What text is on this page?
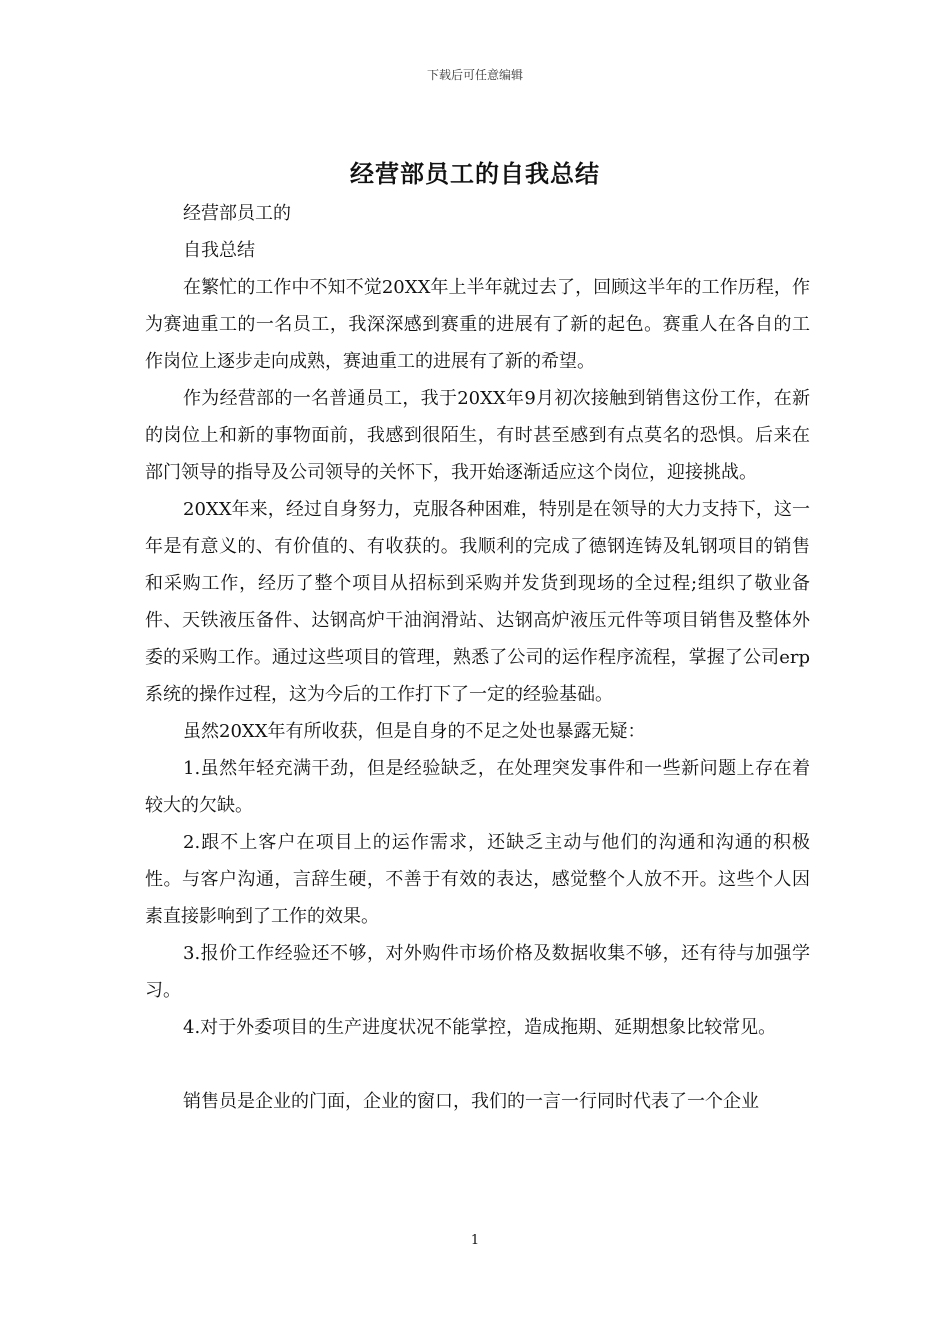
下载后可任意编辑
经营部员工的自我总结

经营部员工的

自我总结

在繁忙的工作中不知不觉20XX年上半年就过去了，回顾这半年的工作历程，作为赛迪重工的一名员工，我深深感到赛重的进展有了新的起色。赛重人在各自的工作岗位上逐步走向成熟，赛迪重工的进展有了新的希望。

作为经营部的一名普通员工，我于20XX年9月初次接触到销售这份工作，在新的岗位上和新的事物面前，我感到很陌生，有时甚至感到有点莫名的恐惧。后来在部门领导的指导及公司领导的关怀下，我开始逐渐适应这个岗位，迎接挑战。

20XX年来，经过自身努力，克服各种困难，特别是在领导的大力支持下，这一年是有意义的、有价值的、有收获的。我顺利的完成了德钢连铸及轧钢项目的销售和采购工作，经历了整个项目从招标到采购并发货到现场的全过程;组织了敬业备件、天铁液压备件、达钢高炉干油润滑站、达钢高炉液压元件等项目销售及整体外委的采购工作。通过这些项目的管理，熟悉了公司的运作程序流程，掌握了公司erp系统的操作过程，这为今后的工作打下了一定的经验基础。

虽然20XX年有所收获，但是自身的不足之处也暴露无疑：

1.虽然年轻充满干劲，但是经验缺乏，在处理突发事件和一些新问题上存在着较大的欠缺。

2.跟不上客户在项目上的运作需求，还缺乏主动与他们的沟通和沟通的积极性。与客户沟通，言辞生硬，不善于有效的表达，感觉整个人放不开。这些个人因素直接影响到了工作的效果。

3.报价工作经验还不够，对外购件市场价格及数据收集不够，还有待与加强学习。

4.对于外委项目的生产进度状况不能掌控，造成拖期、延期想象比较常见。

销售员是企业的门面，企业的窗口，我们的一言一行同时代表了一个企业

1
